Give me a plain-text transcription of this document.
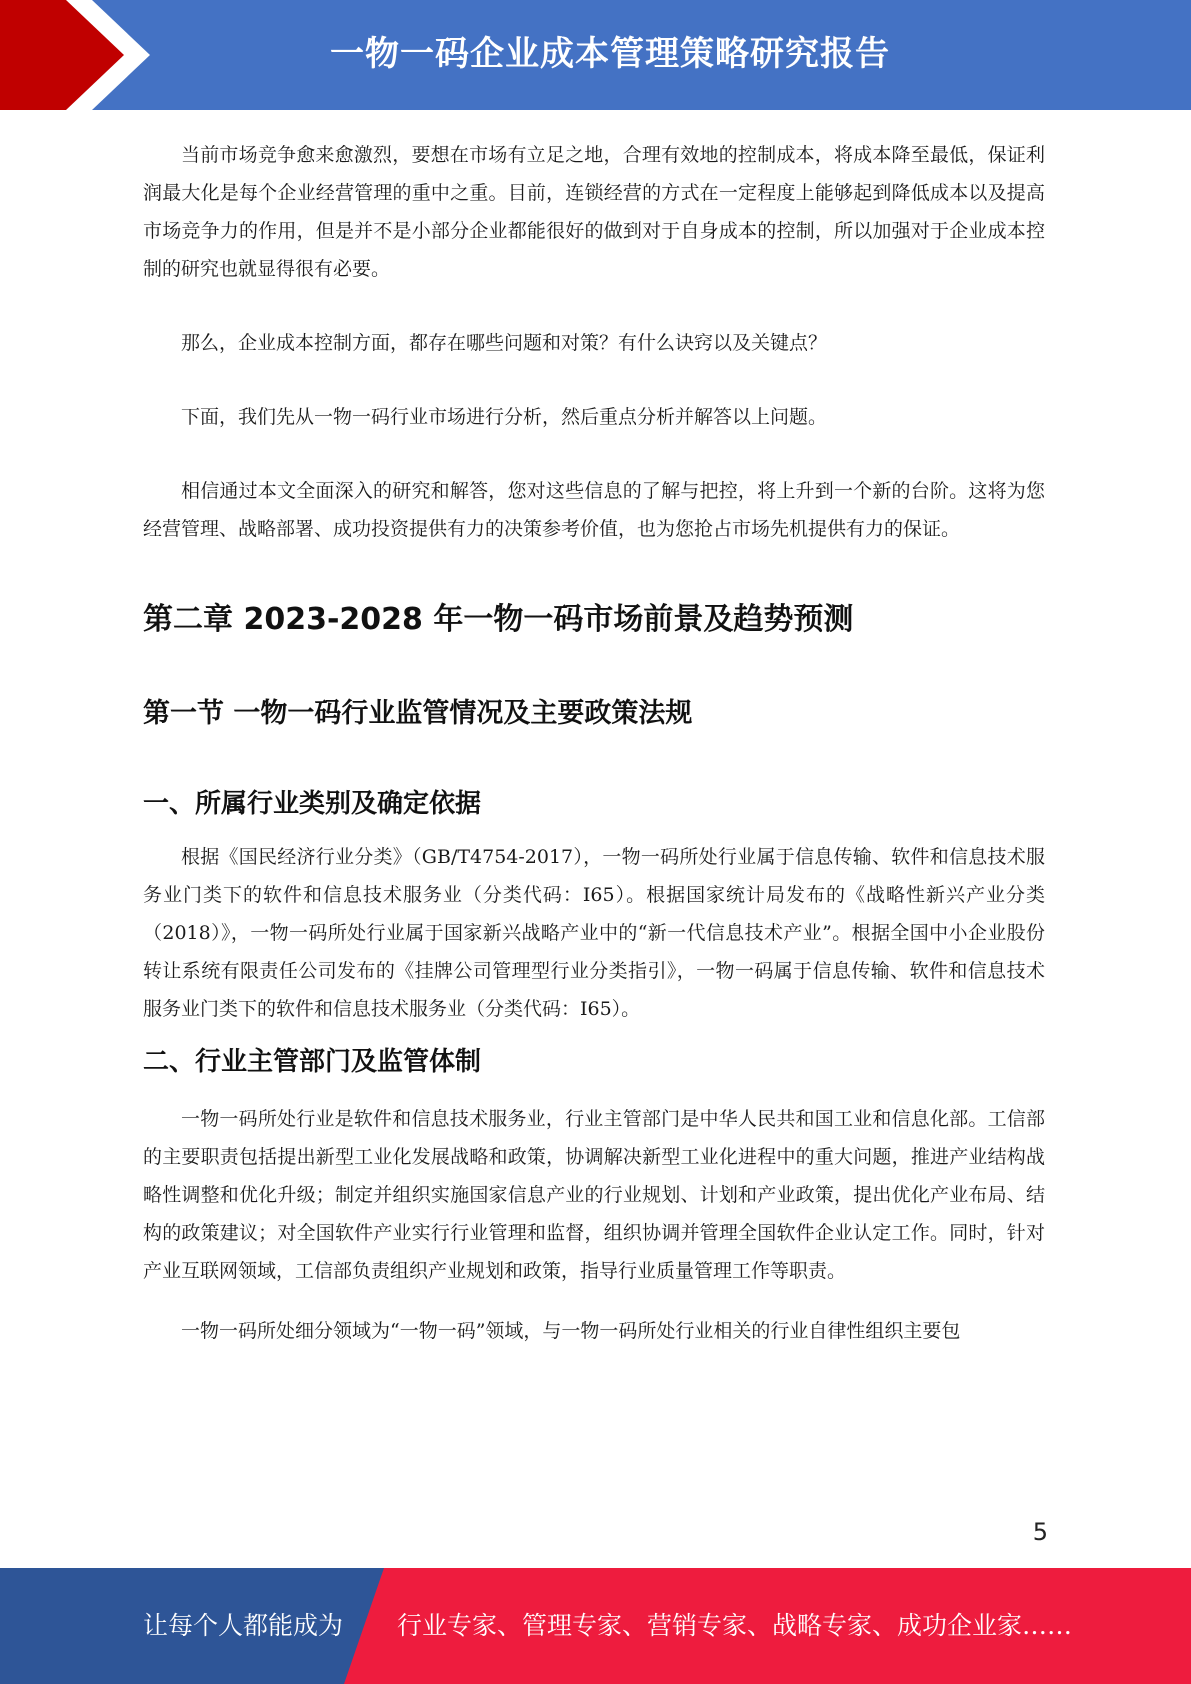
一物一码企业成本管理策略研究报告

当前市场竞争愈来愈激烈，要想在市场有立足之地，合理有效地的控制成本，将成本降至最低，保证利润最大化是每个企业经营管理的重中之重。目前，连锁经营的方式在一定程度上能够起到降低成本以及提高市场竞争力的作用，但是并不是小部分企业都能很好的做到对于自身成本的控制，所以加强对于企业成本控制的研究也就显得很有必要。

那么，企业成本控制方面，都存在哪些问题和对策？有什么诀窍以及关键点？

下面，我们先从一物一码行业市场进行分析，然后重点分析并解答以上问题。

相信通过本文全面深入的研究和解答，您对这些信息的了解与把控，将上升到一个新的台阶。这将为您经营管理、战略部署、成功投资提供有力的决策参考价值，也为您抢占市场先机提供有力的保证。

第二章 2023-2028 年一物一码市场前景及趋势预测
第一节 一物一码行业监管情况及主要政策法规
一、所属行业类别及确定依据

根据《国民经济行业分类》（GB/T4754-2017），一物一码所处行业属于信息传输、软件和信息技术服务业门类下的软件和信息技术服务业（分类代码：I65）。根据国家统计局发布的《战略性新兴产业分类（2018）》，一物一码所处行业属于国家新兴战略产业中的“新一代信息技术产业”。根据全国中小企业股份转让系统有限责任公司发布的《挂牌公司管理型行业分类指引》，一物一码属于信息传输、软件和信息技术服务业门类下的软件和信息技术服务业（分类代码：I65）。

二、行业主管部门及监管体制

一物一码所处行业是软件和信息技术服务业，行业主管部门是中华人民共和国工业和信息化部。工信部的主要职责包括提出新型工业化发展战略和政策，协调解决新型工业化进程中的重大问题，推进产业结构战略性调整和优化升级；制定并组织实施国家信息产业的行业规划、计划和产业政策，提出优化产业布局、结构的政策建议；对全国软件产业实行行业管理和监督，组织协调并管理全国软件企业认定工作。同时，针对产业互联网领域，工信部负责组织产业规划和政策，指导行业质量管理工作等职责。

一物一码所处细分领域为“一物一码”领域，与一物一码所处行业相关的行业自律性组织主要包

5
让每个人都能成为 行业专家、管理专家、营销专家、战略专家、成功企业家……
